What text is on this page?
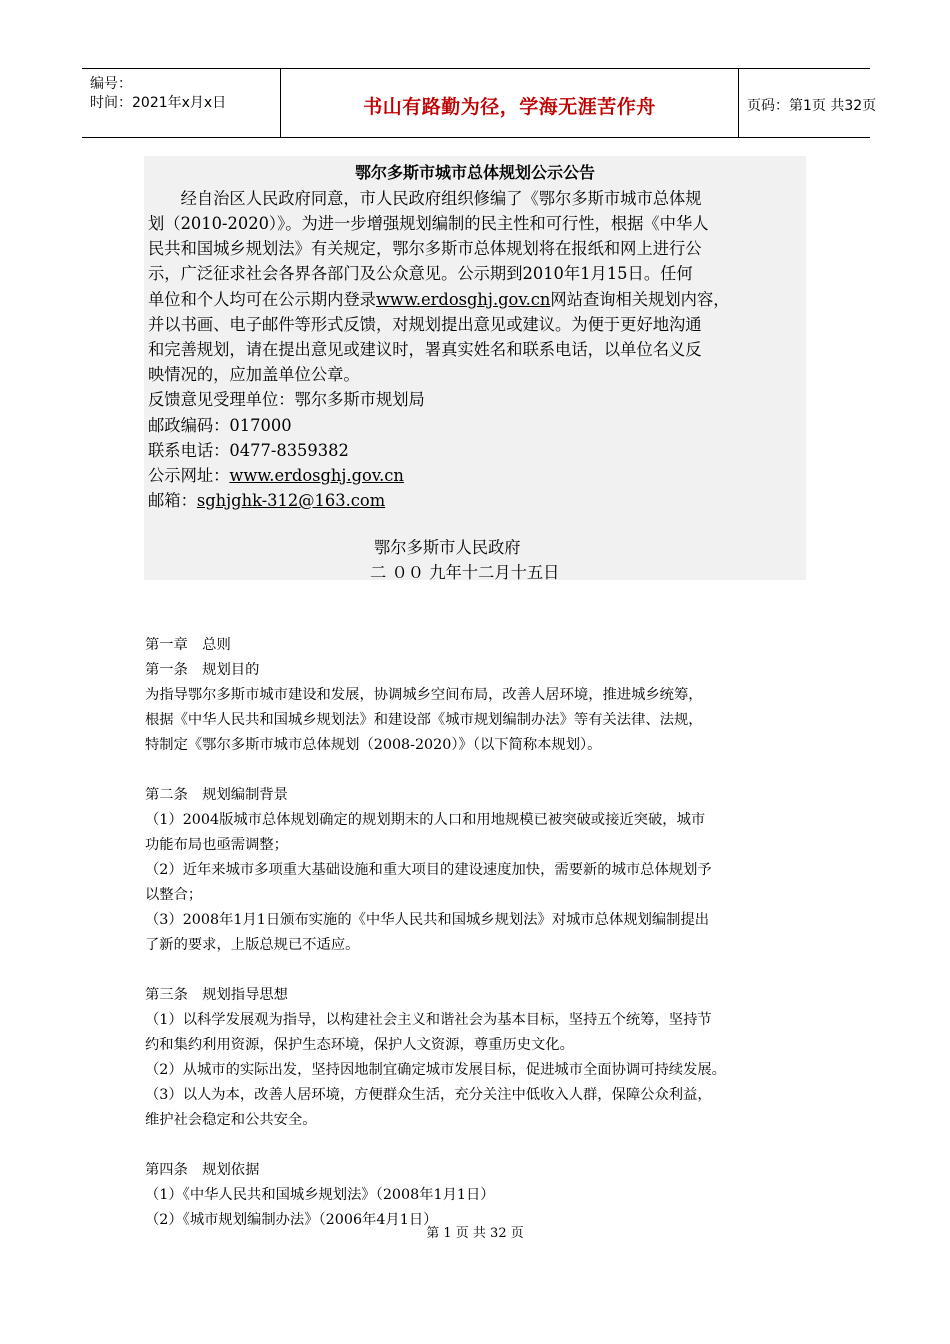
编号：
时间：2021年x月x日	书山有路勤为径，学海无涯苦作舟	页码：第1页 共32页
鄂尔多斯市城市总体规划公示公告
　　经自治区人民政府同意，市人民政府组织修编了《鄂尔多斯市城市总体规
划（2010-2020）》。为进一步增强规划编制的民主性和可行性，根据《中华人
民共和国城乡规划法》有关规定，鄂尔多斯市总体规划将在报纸和网上进行公
示，广泛征求社会各界各部门及公众意见。公示期到2010年1月15日。任何
单位和个人均可在公示期内登录www.erdosghj.gov.cn网站查询相关规划内容，
并以书画、电子邮件等形式反馈，对规划提出意见或建议。为便于更好地沟通
和完善规划，请在提出意见或建议时，署真实姓名和联系电话，以单位名义反
映情况的，应加盖单位公章。
反馈意见受理单位：鄂尔多斯市规划局
邮政编码：017000
联系电话：0477-8359382
公示网址：www.erdosghj.gov.cn
邮箱：sghjghk-312@163.com
鄂尔多斯市人民政府
二 ００ 九年十二月十五日
第一章　总则
第一条　规划目的
为指导鄂尔多斯市城市建设和发展，协调城乡空间布局，改善人居环境，推进城乡统筹，
根据《中华人民共和国城乡规划法》和建设部《城市规划编制办法》等有关法律、法规，
特制定《鄂尔多斯市城市总体规划（2008-2020）》（以下简称本规划）。
第二条　规划编制背景
（1）2004版城市总体规划确定的规划期末的人口和用地规模已被突破或接近突破，城市
功能布局也亟需调整；
（2）近年来城市多项重大基础设施和重大项目的建设速度加快，需要新的城市总体规划予
以整合；
（3）2008年1月1日颁布实施的《中华人民共和国城乡规划法》对城市总体规划编制提出
了新的要求，上版总规已不适应。
第三条　规划指导思想
（1）以科学发展观为指导，以构建社会主义和谐社会为基本目标，坚持五个统筹，坚持节
约和集约利用资源，保护生态环境，保护人文资源，尊重历史文化。
（2）从城市的实际出发，坚持因地制宜确定城市发展目标，促进城市全面协调可持续发展。
（3）以人为本，改善人居环境，方便群众生活，充分关注中低收入人群，保障公众利益，
维护社会稳定和公共安全。
第四条　规划依据
（1）《中华人民共和国城乡规划法》（2008年1月1日）
（2）《城市规划编制办法》（2006年4月1日）
第 1 页 共 32 页
